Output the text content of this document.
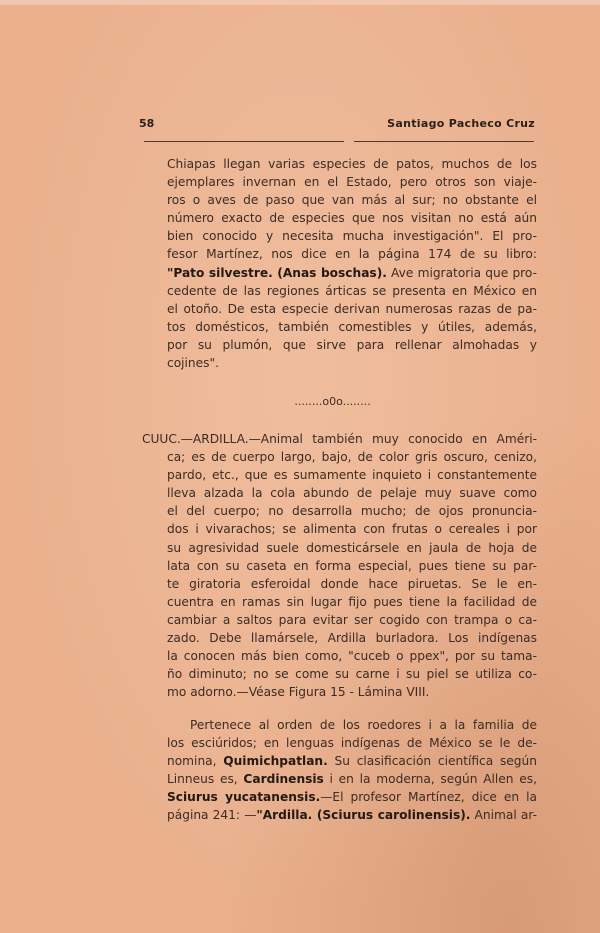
58	Santiago Pacheco Cruz
Chiapas llegan varias especies de patos, muchos de los
ejemplares invernan en el Estado, pero otros son viaje-
ros o aves de paso que van más al sur; no obstante el
número exacto de especies que nos visitan no está aún
bien conocido y necesita mucha investigación". El pro-
fesor Martínez, nos dice en la página 174 de su libro:
"Pato silvestre. (Anas boschas). Ave migratoria que pro-
cedente de las regiones árticas se presenta en México en
el otoño. De esta especie derivan numerosas razas de pa-
tos domésticos, también comestibles y útiles, además,
por su plumón, que sirve para rellenar almohadas y
cojines".
........o0o........
CUUC.—ARDILLA.—Animal también muy conocido en Améri-
ca; es de cuerpo largo, bajo, de color gris oscuro, cenizo,
pardo, etc., que es sumamente inquieto i constantemente
lleva alzada la cola abundo de pelaje muy suave como
el del cuerpo; no desarrolla mucho; de ojos pronuncia-
dos i vivarachos; se alimenta con frutas o cereales i por
su agresividad suele domesticársele en jaula de hoja de
lata con su caseta en forma especial, pues tiene su par-
te giratoria esferoidal donde hace piruetas. Se le en-
cuentra en ramas sin lugar fijo pues tiene la facilidad de
cambiar a saltos para evitar ser cogido con trampa o ca-
zado. Debe llamársele, Ardilla burladora. Los indígenas
la conocen más bien como, "cuceb o ppex", por su tama-
ño diminuto; no se come su carne i su piel se utiliza co-
mo adorno.—Véase Figura 15 - Lámina VIII.
Pertenece al orden de los roedores i a la familia de
los esciúridos; en lenguas indígenas de México se le de-
nomina, Quimichpatlan. Su clasificación científica según
Linneus es, Cardinensis i en la moderna, según Allen es,
Sciurus yucatanensis.—El profesor Martínez, dice en la
página 241: —"Ardilla. (Sciurus carolinensis). Animal ar-
